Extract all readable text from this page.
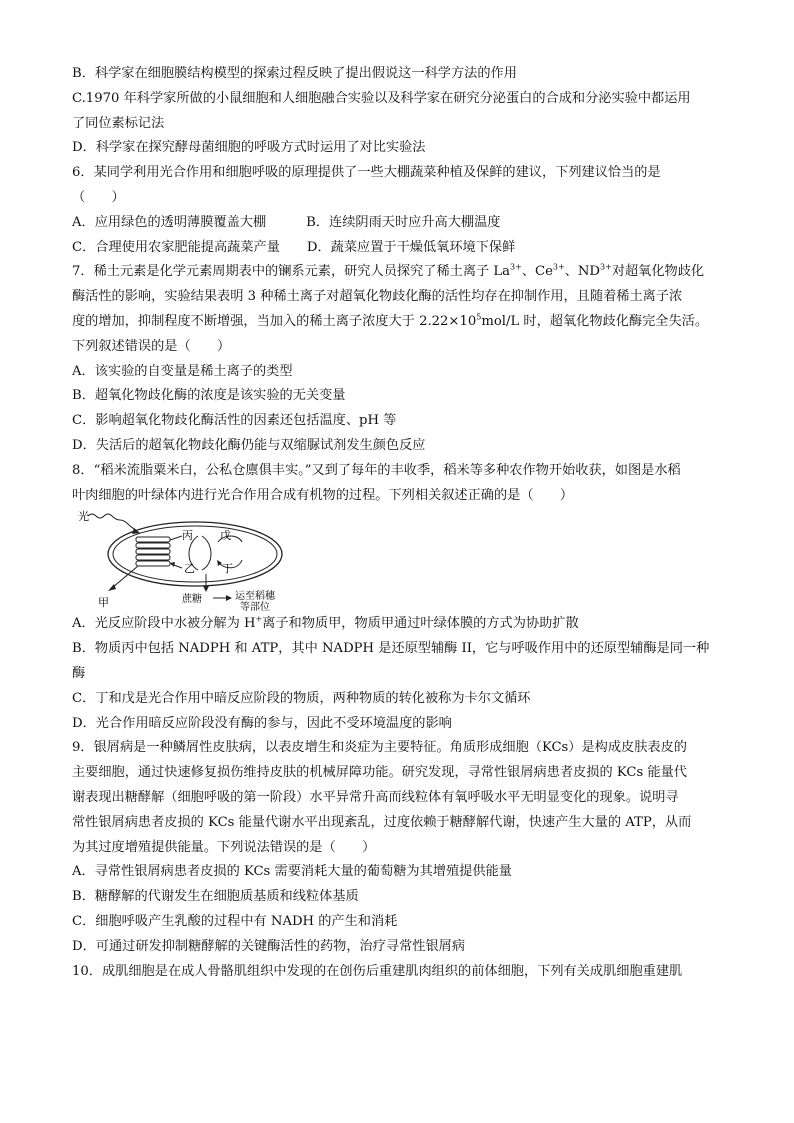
B．科学家在细胞膜结构模型的探索过程反映了提出假说这一科学方法的作用
C.1970 年科学家所做的小鼠细胞和人细胞融合实验以及科学家在研究分泌蛋白的合成和分泌实验中都运用
了同位素标记法
D．科学家在探究酵母菌细胞的呼吸方式时运用了对比实验法
6．某同学利用光合作用和细胞呼吸的原理提供了一些大棚蔬菜种植及保鲜的建议，下列建议恰当的是
（　　）
A．应用绿色的透明薄膜覆盖大棚	B．连续阴雨天时应升高大棚温度
C．合理使用农家肥能提高蔬菜产量 D．蔬菜应置于干燥低氧环境下保鲜
7．稀土元素是化学元素周期表中的镧系元素，研究人员探究了稀土离子 $La^{3+}$、$Ce^{3+}$、$ND^{3+}$对超氧化物歧化
酶活性的影响，实验结果表明 3 种稀土离子对超氧化物歧化酶的活性均存在抑制作用，且随着稀土离子浓
度的增加，抑制程度不断增强，当加入的稀土离子浓度大于 $2.22\times 10^5mol/L$ 时，超氧化物歧化酶完全失活。
下列叙述错误的是（　　）
A．该实验的自变量是稀土离子的类型
B．超氧化物歧化酶的浓度是该实验的无关变量
C．影响超氧化物歧化酶活性的因素还包括温度、pH 等
D．失活后的超氧化物歧化酶仍能与双缩脲试剂发生颜色反应
8．“稻米流脂粟米白，公私仓廪俱丰实。”又到了每年的丰收季，稻米等多种农作物开始收获，如图是水稻
叶肉细胞的叶绿体内进行光合作用合成有机物的过程。下列相关叙述正确的是（　　）
光
甲
丙 戊
乙 丁
蔗糖	运至稻穗
等部位
A．光反应阶段中水被分解为 H+离子和物质甲，物质甲通过叶绿体膜的方式为协助扩散
B．物质丙中包括 NADPH 和 ATP，其中 NADPH 是还原型辅酶 II，它与呼吸作用中的还原型辅酶是同一种
酶
C．丁和戊是光合作用中暗反应阶段的物质，两种物质的转化被称为卡尔文循环
D．光合作用暗反应阶段没有酶的参与，因此不受环境温度的影响
9．银屑病是一种鳞屑性皮肤病，以表皮增生和炎症为主要特征。角质形成细胞（KCs）是构成皮肤表皮的
主要细胞，通过快速修复损伤维持皮肤的机械屏障功能。研究发现，寻常性银屑病患者皮损的 KCs 能量代
谢表现出糖酵解（细胞呼吸的第一阶段）水平异常升高而线粒体有氧呼吸水平无明显变化的现象。说明寻
常性银屑病患者皮损的 KCs 能量代谢水平出现紊乱，过度依赖于糖酵解代谢，快速产生大量的 ATP，从而
为其过度增殖提供能量。下列说法错误的是（　　）
A．寻常性银屑病患者皮损的 KCs 需要消耗大量的葡萄糖为其增殖提供能量
B．糖酵解的代谢发生在细胞质基质和线粒体基质
C．细胞呼吸产生乳酸的过程中有 NADH 的产生和消耗
D．可通过研发抑制糖酵解的关键酶活性的药物，治疗寻常性银屑病
10．成肌细胞是在成人骨骼肌组织中发现的在创伤后重建肌肉组织的前体细胞，下列有关成肌细胞重建肌
